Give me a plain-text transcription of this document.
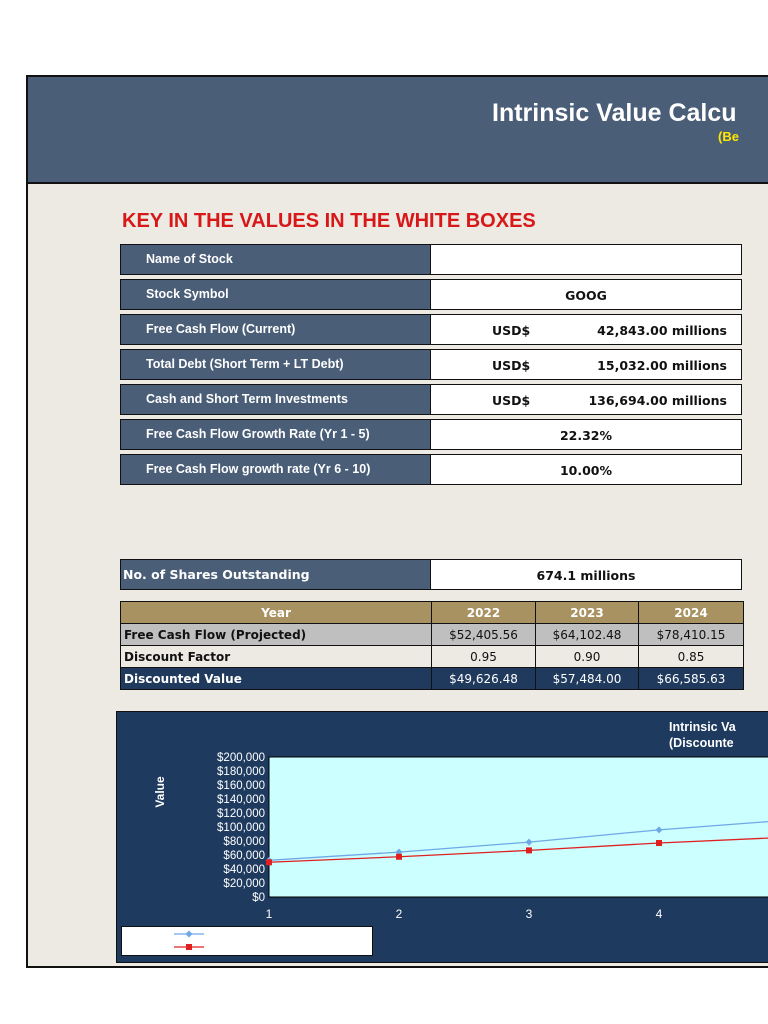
Intrinsic Value Calcu
(Be
KEY IN THE VALUES IN THE WHITE BOXES
Name of Stock
Stock Symbol	GOOG
Free Cash Flow (Current)	USD$	42,843.00 millions
Total Debt (Short Term + LT Debt)	USD$	15,032.00 millions
Cash and Short Term Investments	USD$	136,694.00 millions
Free Cash Flow Growth Rate (Yr 1 - 5)	22.32%
Free Cash Flow growth rate (Yr 6 - 10)	10.00%
No. of Shares Outstanding	674.1 millions
Year	2022	2023	2024
Free Cash Flow (Projected)	$52,405.56	$64,102.48	$78,410.15
Discount Factor	0.95	0.90	0.85
Discounted Value	$49,626.48	$57,484.00	$66,585.63
Intrinsic Va
(Discounte
$200,000
$180,000
$160,000
$140,000
$120,000
$100,000
$80,000
$60,000
$40,000
$20,000
$0
1	2	3	4
Value
